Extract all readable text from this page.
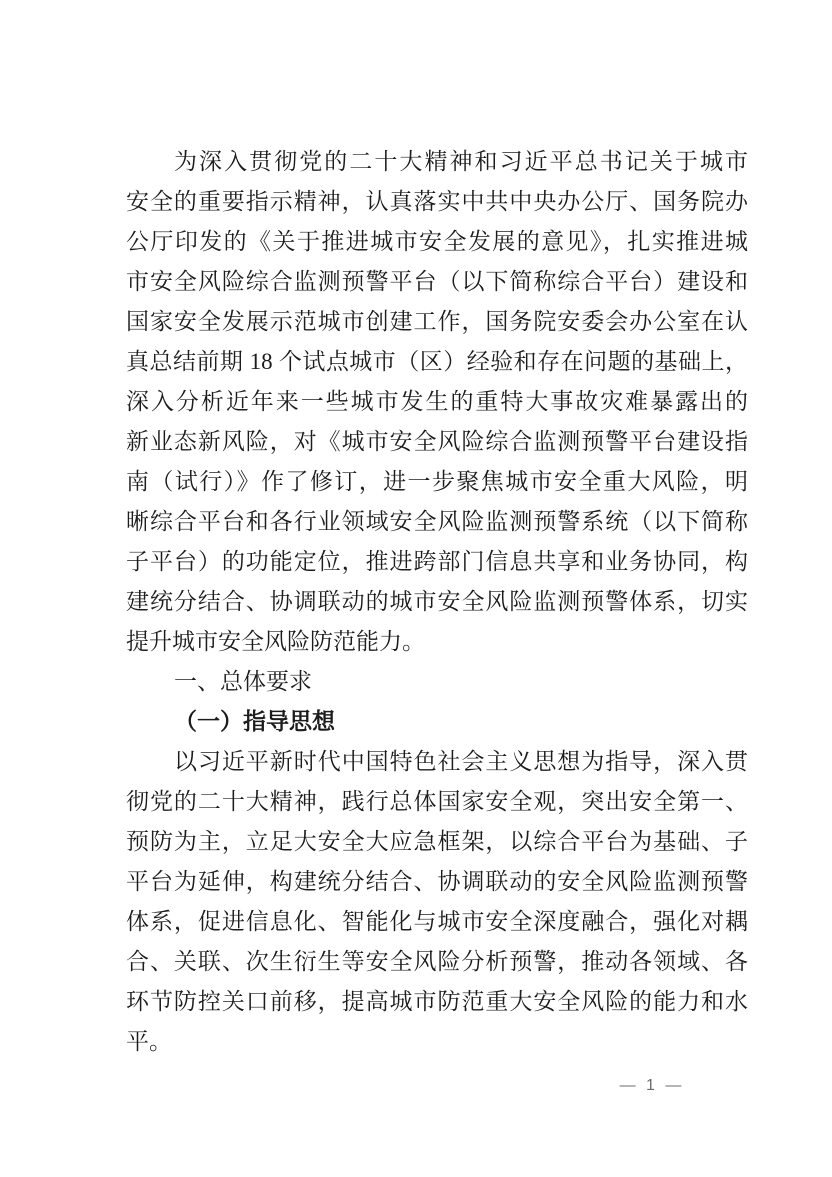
为深入贯彻党的二十大精神和习近平总书记关于城市
安全的重要指示精神，认真落实中共中央办公厅、国务院办
公厅印发的《关于推进城市安全发展的意见》，扎实推进城
市安全风险综合监测预警平台（以下简称综合平台）建设和
国家安全发展示范城市创建工作，国务院安委会办公室在认
真总结前期 18 个试点城市（区）经验和存在问题的基础上，
深入分析近年来一些城市发生的重特大事故灾难暴露出的
新业态新风险，对《城市安全风险综合监测预警平台建设指
南（试行）》作了修订，进一步聚焦城市安全重大风险，明
晰综合平台和各行业领域安全风险监测预警系统（以下简称
子平台）的功能定位，推进跨部门信息共享和业务协同，构
建统分结合、协调联动的城市安全风险监测预警体系，切实
提升城市安全风险防范能力。
一、总体要求
（一）指导思想
以习近平新时代中国特色社会主义思想为指导，深入贯
彻党的二十大精神，践行总体国家安全观，突出安全第一、
预防为主，立足大安全大应急框架，以综合平台为基础、子
平台为延伸，构建统分结合、协调联动的安全风险监测预警
体系，促进信息化、智能化与城市安全深度融合，强化对耦
合、关联、次生衍生等安全风险分析预警，推动各领域、各
环节防控关口前移，提高城市防范重大安全风险的能力和水
平。
— 1 —
